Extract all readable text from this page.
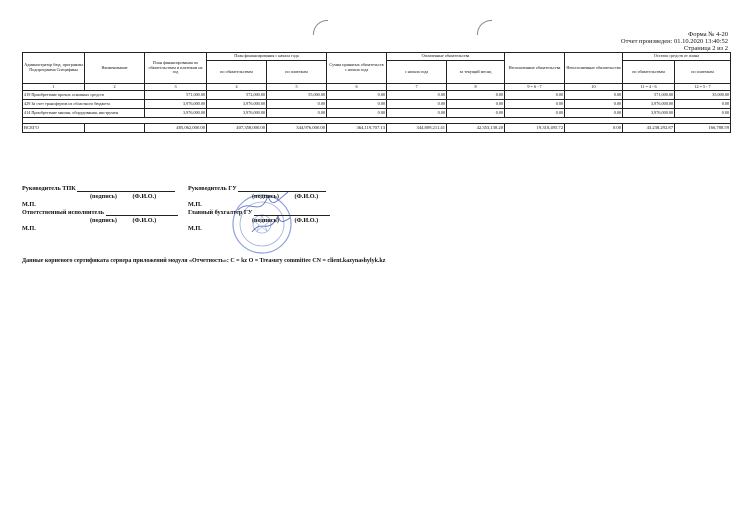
Форма № 4-20
Отчет произведен: 01.10.2020 13:40:52
Страница 2 из 2
Администратор бюд. программы Подпрограмма Спецификы	Наименование	План финансирования по обязательствам и платежам на год	План финансирования с начала года		Сумма принятых обязательств с начала года	Оплаченные обязательства		Неоплаченные обязательства	Неисполненные обязательства	Остаток средств от плана	
			по обязательствам	по платежам		с начала года	за текущий месяц			по обязательствам	по платежам
1	2	3	4	5	6	7	8	9 = 6 - 7	10	11 = 4 - 6	12 = 5 - 7
419 Приобретение прочих основных средств		571,000.00	572,000.00	55,000.00	0.00	0.00	0.00	0.00	0.00	571,000.00	35,000.00
429 За счет трансфертов из областного бюджета		3,976,000.00	3,976,000.00	0.00	0.00	0.00	0.00	0.00	0.00	3,976,000.00	0.00
414 Приобретение машин, оборудования, инструмен		3,976,000.00	3,976,000.00	0.00	0.00	0.00	0.00	0.00	0.00	3,976,000.00	0.00

ВСЕГО		485,062,000.00	407,358,000.00	344,976,000.00	364,119,707.13	344,809,211.41	42,353,138.20	19,310,495.72	0.00	43,238,292.87	166,788.59
Руководитель ТПК	Руководитель ГУ
(подпись)	(Ф.И.О.)	(подпись)	(Ф.И.О.)
М.П.	М.П.
Ответственный исполнитель	Главный бухгалтер ГУ
(подпись)	(Ф.И.О.)	(подпись)	(Ф.И.О.)
М.П.	М.П.
Данные корневого сертификата сервера приложений модуля «Отчетность»: C = kz O = Treasury committee CN = client.kazynashylyk.kz
